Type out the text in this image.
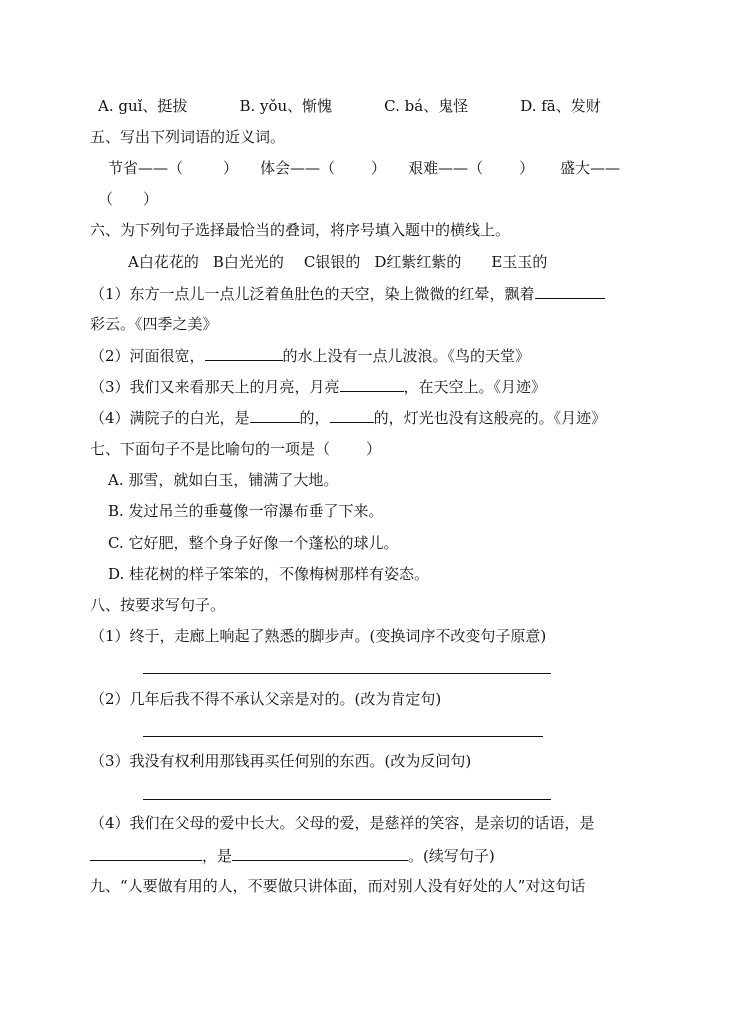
A. guǐ、挺拔	B. yǒu、惭愧	C. bá、鬼怪	D. fā、发财
五、写出下列词语的近义词。
节省——（	） 体会——（ ） 艰难——（ ） 盛大——
（ ）
六、为下列句子选择最恰当的叠词，将序号填入题中的横线上。
A白花花的 B白光光的 C银银的 D红紫红紫的 E玉玉的
（1）东方一点儿一点儿泛着鱼肚色的天空，染上微微的红晕，飘着
彩云。《四季之美》
（2）河面很宽，	的水上没有一点儿波浪。《鸟的天堂》
（3）我们又来看那天上的月亮，月亮	，在天空上。《月迹》
（4）满院子的白光，是	的，	的，灯光也没有这般亮的。《月迹》
七、下面句子不是比喻句的一项是（ ）
A. 那雪，就如白玉，铺满了大地。
B. 发过吊兰的垂蔓像一帘瀑布垂了下来。
C. 它好肥，整个身子好像一个蓬松的球儿。
D. 桂花树的样子笨笨的，不像梅树那样有姿态。
八、按要求写句子。
（1）终于，走廊上响起了熟悉的脚步声。(变换词序不改变句子原意)
（2）几年后我不得不承认父亲是对的。(改为肯定句)
（3）我没有权利用那钱再买任何别的东西。(改为反问句)
（4）我们在父母的爱中长大。父母的爱，是慈祥的笑容，是亲切的话语，是
，是	。(续写句子)
九、“人要做有用的人，不要做只讲体面，而对别人没有好处的人”对这句话
